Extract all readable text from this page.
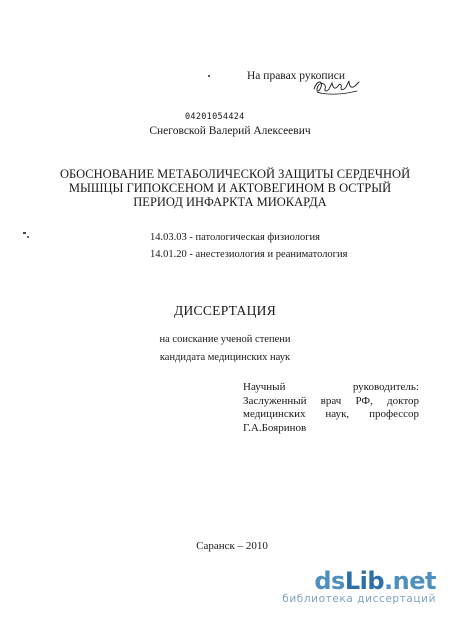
На правах рукописи
04201054424
Снеговской Валерий Алексеевич
ОБОСНОВАНИЕ МЕТАБОЛИЧЕСКОЙ ЗАЩИТЫ СЕРДЕЧНОЙ
МЫШЦЫ ГИПОКСЕНОМ И АКТОВЕГИНОМ В ОСТРЫЙ
ПЕРИОД ИНФАРКТА МИОКАРДА
14.03.03 - патологическая физиология
14.01.20 - анестезиология и реаниматология
ДИССЕРТАЦИЯ
на соискание ученой степени
кандидата медицинских наук
Научный	руководитель:
Заслуженный врач РФ, доктор
медицинских наук, профессор
Г.А.Бояринов
Саранск – 2010
dsLib.net
библиотека диссертаций
